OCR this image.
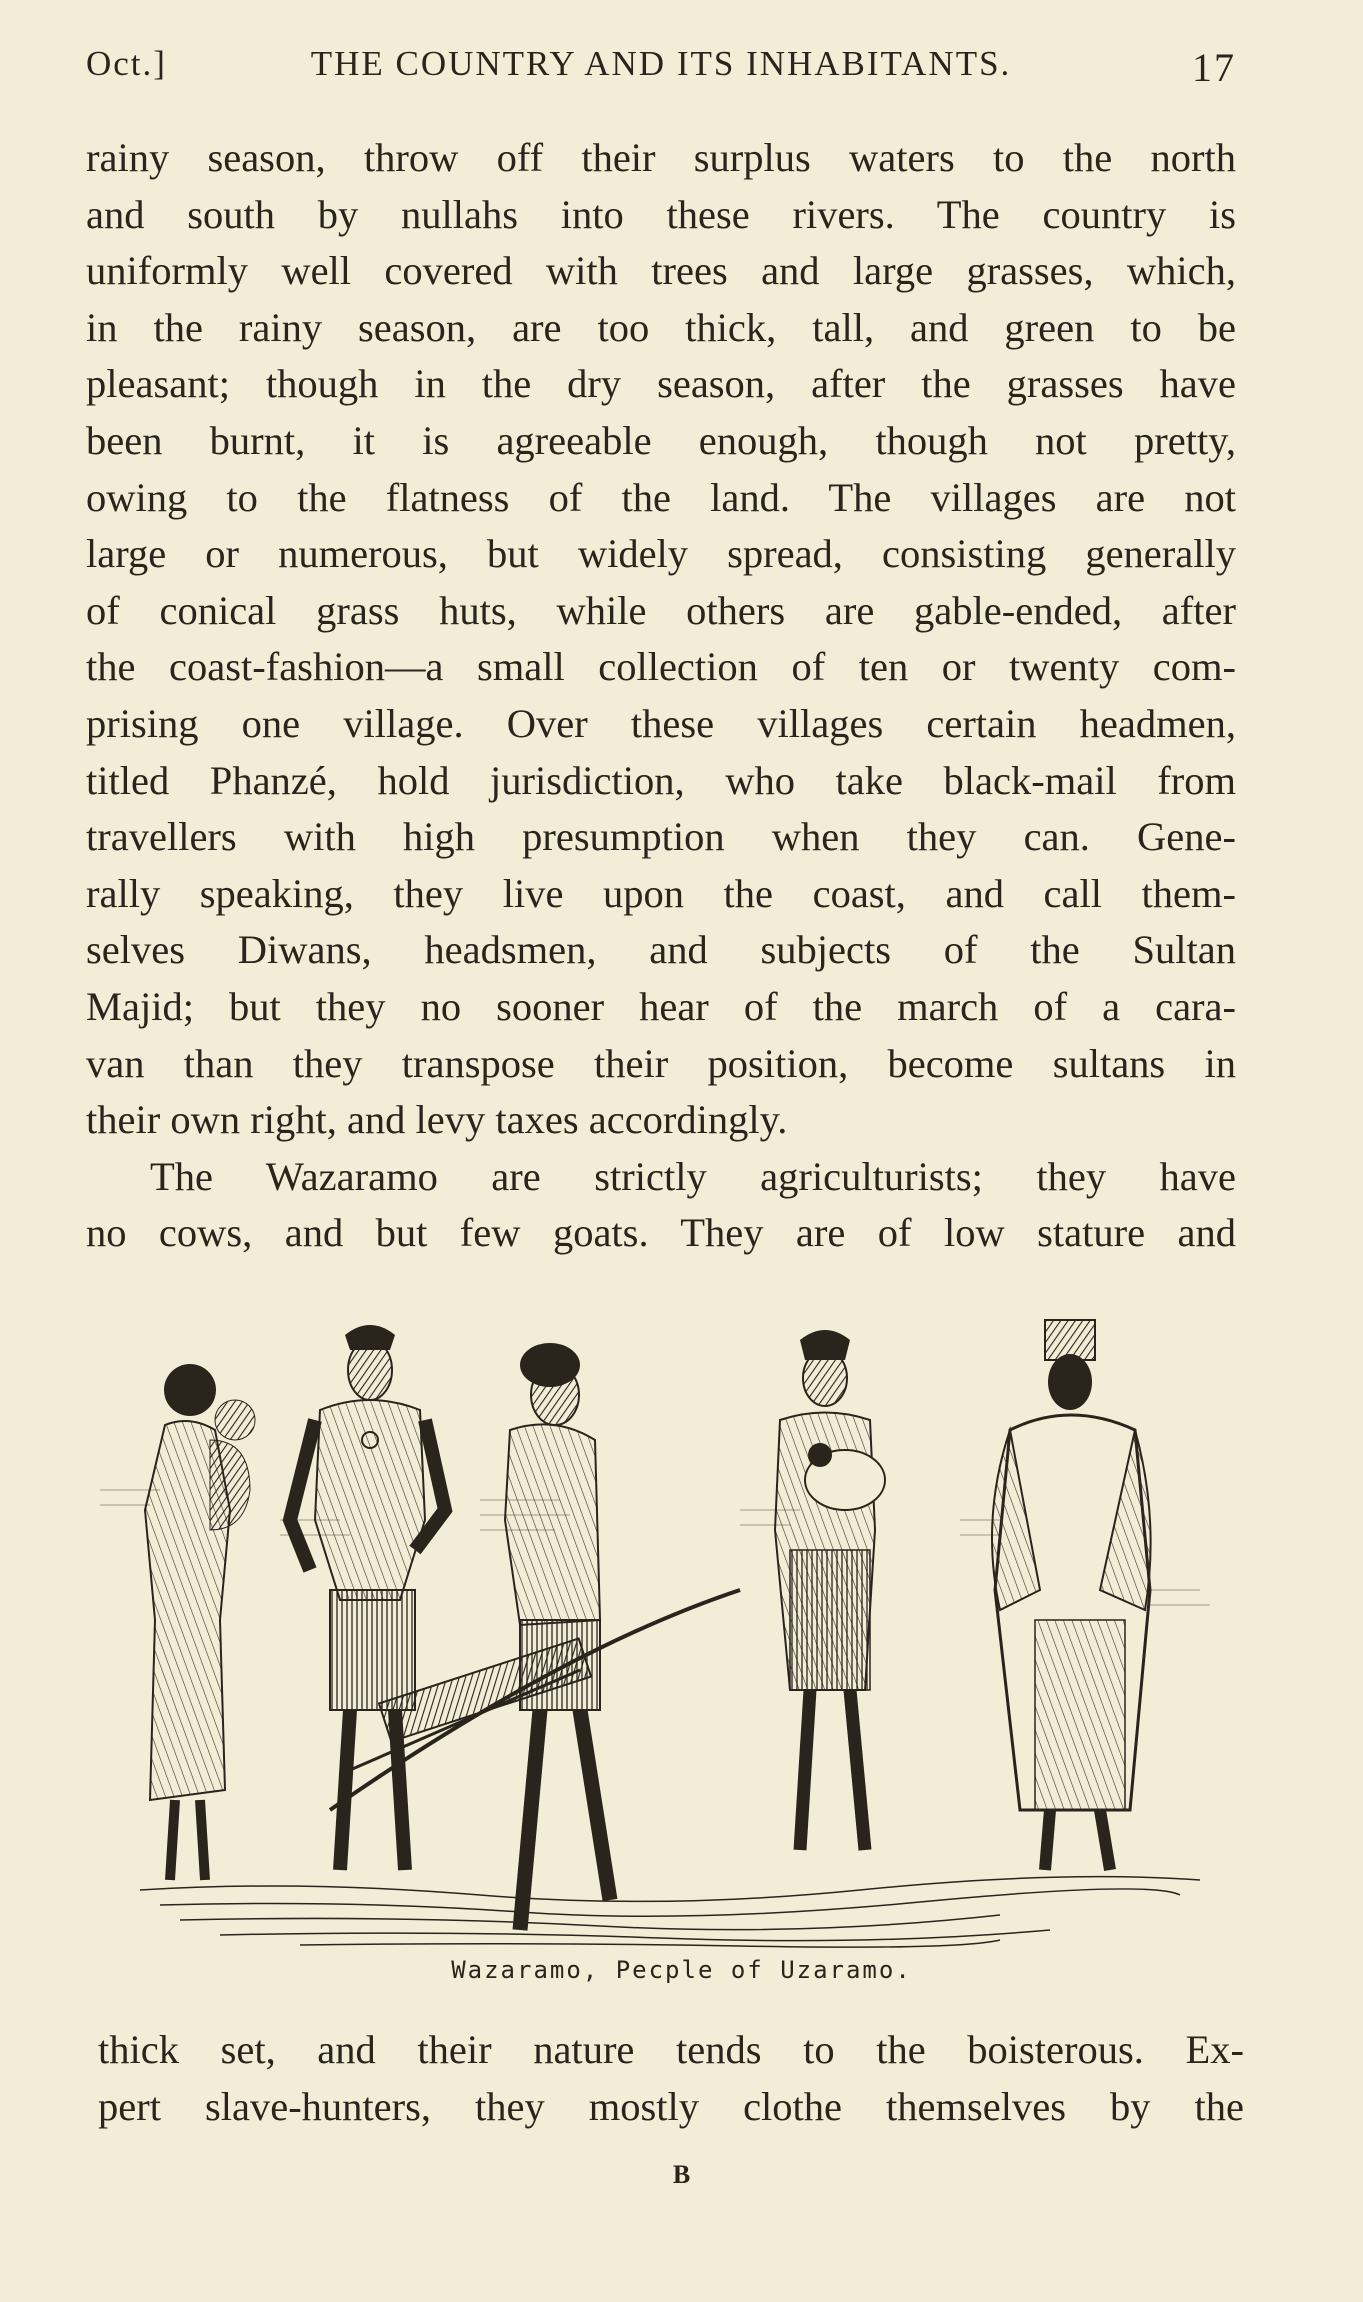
Oct.]	THE COUNTRY AND ITS INHABITANTS.	17
rainy season, throw off their surplus waters to the north
and south by nullahs into these rivers. The country is
uniformly well covered with trees and large grasses, which,
in the rainy season, are too thick, tall, and green to be
pleasant; though in the dry season, after the grasses have
been burnt, it is agreeable enough, though not pretty,
owing to the flatness of the land. The villages are not
large or numerous, but widely spread, consisting generally
of conical grass huts, while others are gable-ended, after
the coast-fashion—a small collection of ten or twenty com-
prising one village. Over these villages certain headmen,
titled Phanzé, hold jurisdiction, who take black-mail from
travellers with high presumption when they can. Gene-
rally speaking, they live upon the coast, and call them-
selves Diwans, headsmen, and subjects of the Sultan
Majid; but they no sooner hear of the march of a cara-
van than they transpose their position, become sultans in
their own right, and levy taxes accordingly.
The Wazaramo are strictly agriculturists; they have
no cows, and but few goats. They are of low stature and
Wazaramo, Pecple of Uzaramo.
thick set, and their nature tends to the boisterous. Ex-
pert slave-hunters, they mostly clothe themselves by the
B
